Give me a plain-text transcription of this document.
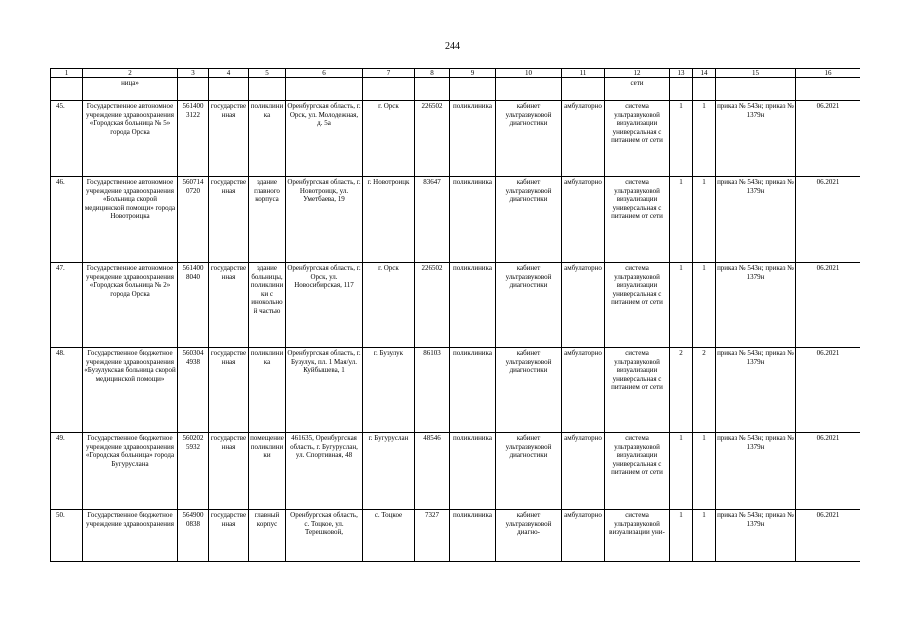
244
1	2	3	4	5	6	7	8	9	10	11	12	13	14	15	16
	ница»										сети				
45.	Государственное автономное учреждение здравоохранения «Городская больница № 5» города Орска	561400 3122	государственная	поликлиника	Оренбургская область, г. Орск, ул. Молодежная, д. 5а	г. Орск	226502	поликлиника	кабинет ультразвуковой диагностики	амбулаторно	система ультразвуковой визуализации универсальная с питанием от сети	1	1	приказ № 543н; приказ № 1379н	06.2021
46.	Государственное автономное учреждение здравоохранения «Больница скорой медицинской помощи» города Новотроицка	560714 0720	государственная	здание главного корпуса	Оренбургская область, г. Новотроицк, ул. Уметбаева, 19	г. Новотроицк	83647	поликлиника	кабинет ультразвуковой диагностики	амбулаторно	система ультразвуковой визуализации универсальная с питанием от сети	1	1	приказ № 543н; приказ № 1379н	06.2021
47.	Государственное автономное учреждение здравоохранения «Городская больница № 2» города Орска	561400 8040	государственная	здание больницы, поликлиники с инокольной частью	Оренбургская область, г. Орск, ул. Новосибирская, 117	г. Орск	226502	поликлиника	кабинет ультразвуковой диагностики	амбулаторно	система ультразвуковой визуализации универсальная с питанием от сети	1	1	приказ № 543н; приказ № 1379н	06.2021
48.	Государственное бюджетное учреждение здравоохранения «Бузулукская больница скорой медицинской помощи»	560304 4938	государственная	поликлиника	Оренбургская область, г. Бузулук, пл. 1 Мая/ул. Куйбышева, 1	г. Бузулук	86103	поликлиника	кабинет ультразвуковой диагностики	амбулаторно	система ультразвуковой визуализации универсальная с питанием от сети	2	2	приказ № 543н; приказ № 1379н	06.2021
49.	Государственное бюджетное учреждение здравоохранения «Городская больница» города Бугуруслана	560202 5932	государственная	помещение поликлиники	461635, Оренбургская область, г. Бугуруслан, ул. Спортивная, 48	г. Бугуруслан	48546	поликлиника	кабинет ультразвуковой диагностики	амбулаторно	система ультразвуковой визуализации универсальная с питанием от сети	1	1	приказ № 543н; приказ № 1379н	06.2021
50.	Государственное бюджетное учреждение здравоохранения	564900 0838	государственная	главный корпус	Оренбургская область, с. Тоцкое, ул. Терешковой,	с. Тоцкое	7327	поликлиника	кабинет ультразвуковой диагно-	амбулаторно	система ультразвуковой визуализации уни-	1	1	приказ № 543н; приказ № 1379н	06.2021
